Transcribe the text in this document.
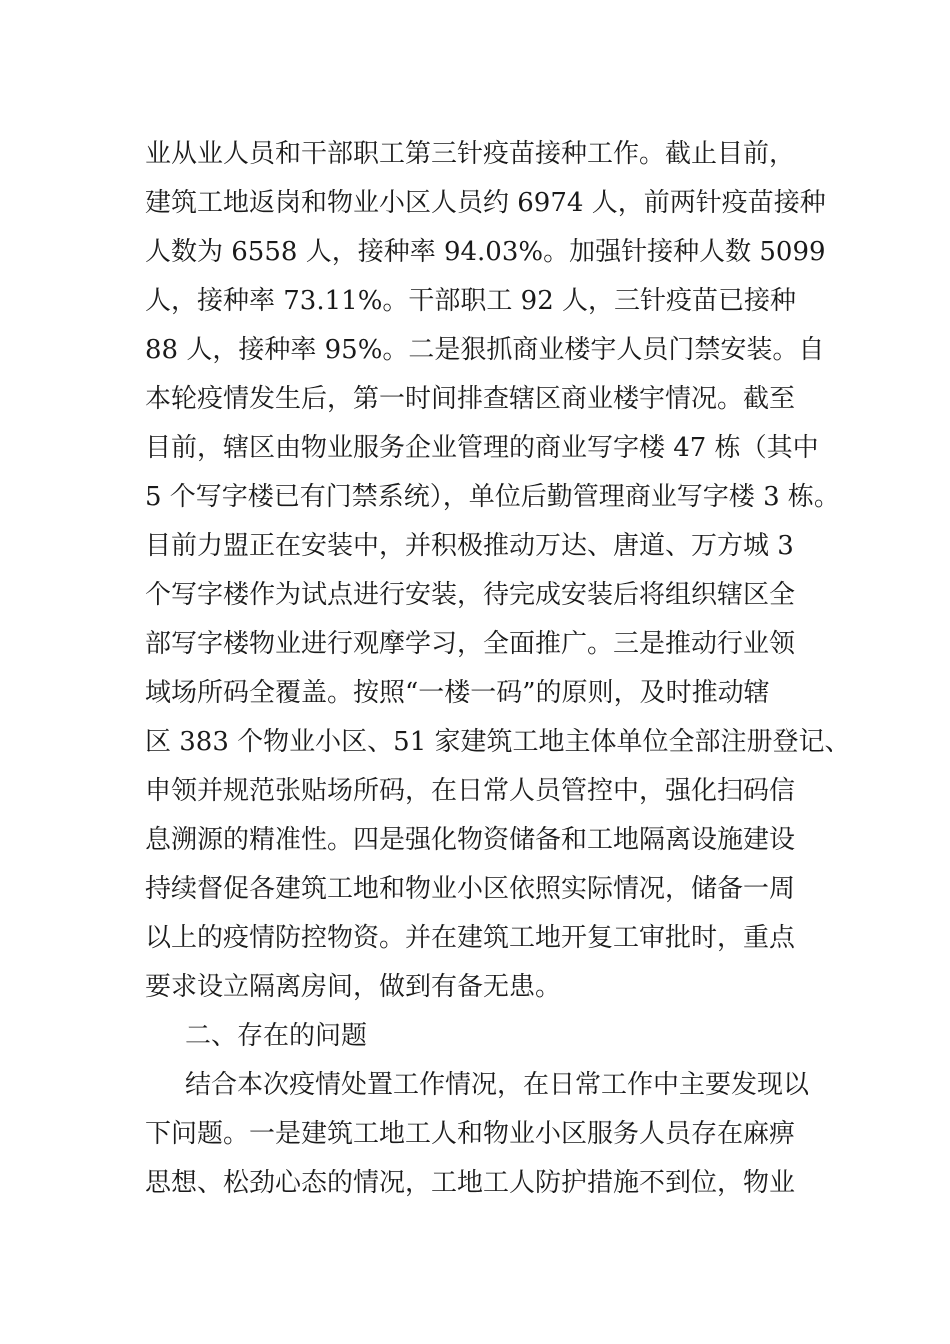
业从业人员和干部职工第三针疫苗接种工作。截止目前，
建筑工地返岗和物业小区人员约 6974 人，前两针疫苗接种
人数为 6558 人，接种率 94.03%。加强针接种人数 5099
人，接种率 73.11%。干部职工 92 人，三针疫苗已接种
88 人，接种率 95%。二是狠抓商业楼宇人员门禁安装。自
本轮疫情发生后，第一时间排查辖区商业楼宇情况。截至
目前，辖区由物业服务企业管理的商业写字楼 47 栋（其中
5 个写字楼已有门禁系统），单位后勤管理商业写字楼 3 栋。
目前力盟正在安装中，并积极推动万达、唐道、万方城 3
个写字楼作为试点进行安装，待完成安装后将组织辖区全
部写字楼物业进行观摩学习，全面推广。三是推动行业领
域场所码全覆盖。按照“一楼一码”的原则，及时推动辖
区 383 个物业小区、51 家建筑工地主体单位全部注册登记、
申领并规范张贴场所码，在日常人员管控中，强化扫码信
息溯源的精准性。四是强化物资储备和工地隔离设施建设
持续督促各建筑工地和物业小区依照实际情况，储备一周
以上的疫情防控物资。并在建筑工地开复工审批时，重点
要求设立隔离房间，做到有备无患。
二、存在的问题
结合本次疫情处置工作情况，在日常工作中主要发现以
下问题。一是建筑工地工人和物业小区服务人员存在麻痹
思想、松劲心态的情况，工地工人防护措施不到位，物业
